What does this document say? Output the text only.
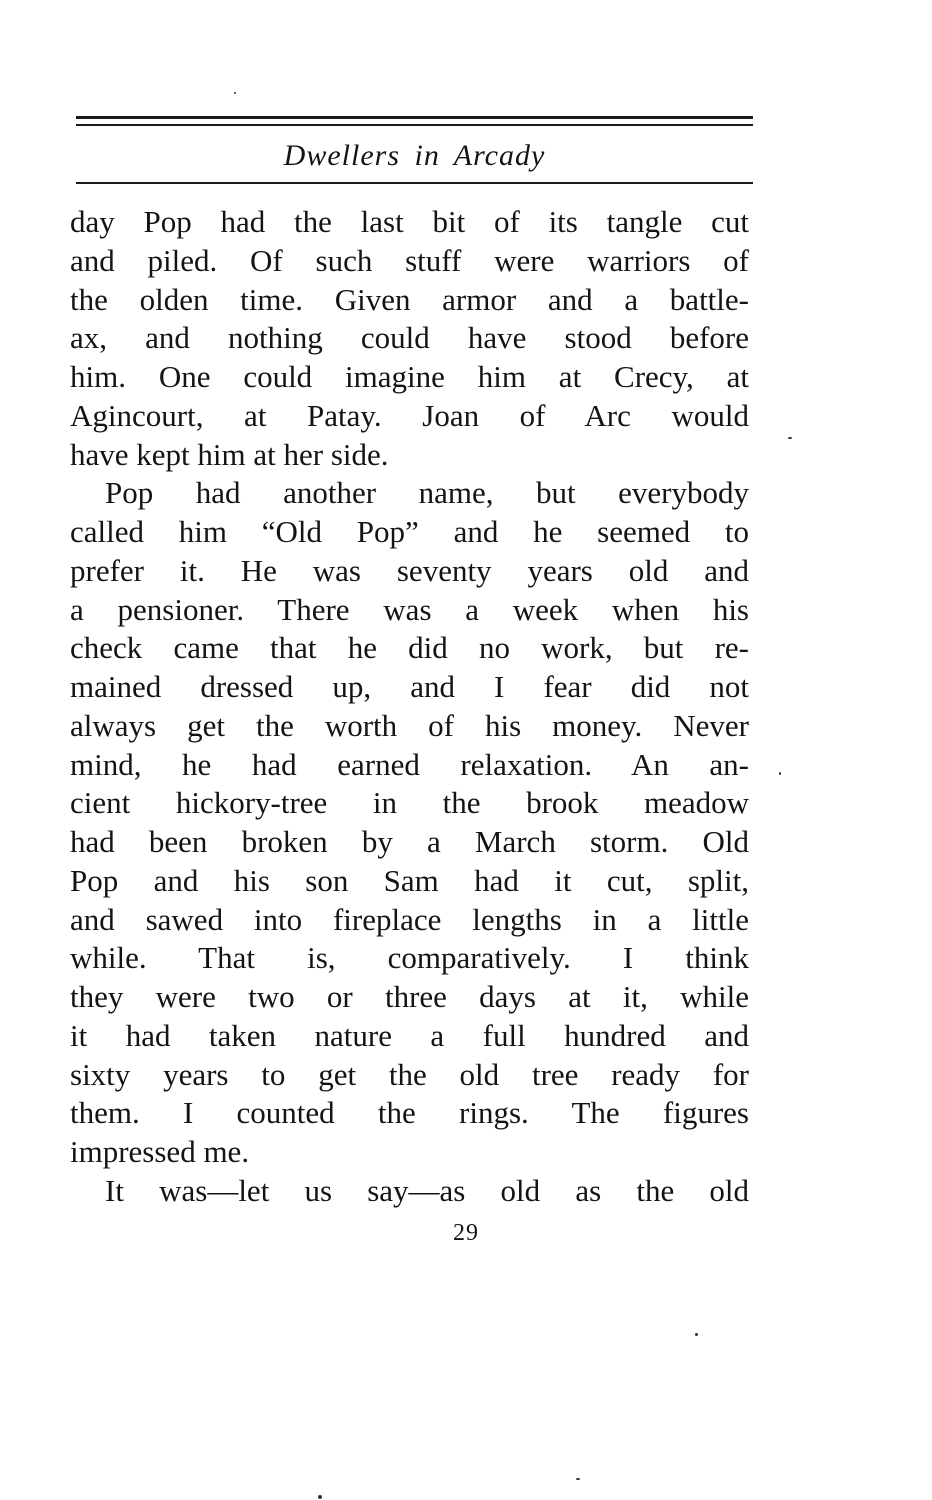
Dwellers in Arcady
day Pop had the last bit of its tangle cut
and piled. Of such stuff were warriors of
the olden time. Given armor and a battle-
ax, and nothing could have stood before
him. One could imagine him at Crecy, at
Agincourt, at Patay. Joan of Arc would
have kept him at her side.
Pop had another name, but everybody
called him “Old Pop” and he seemed to
prefer it. He was seventy years old and
a pensioner. There was a week when his
check came that he did no work, but re-
mained dressed up, and I fear did not
always get the worth of his money. Never
mind, he had earned relaxation. An an-
cient hickory-tree in the brook meadow
had been broken by a March storm. Old
Pop and his son Sam had it cut, split,
and sawed into fireplace lengths in a little
while. That is, comparatively. I think
they were two or three days at it, while
it had taken nature a full hundred and
sixty years to get the old tree ready for
them. I counted the rings. The figures
impressed me.
It was—let us say—as old as the old
29
